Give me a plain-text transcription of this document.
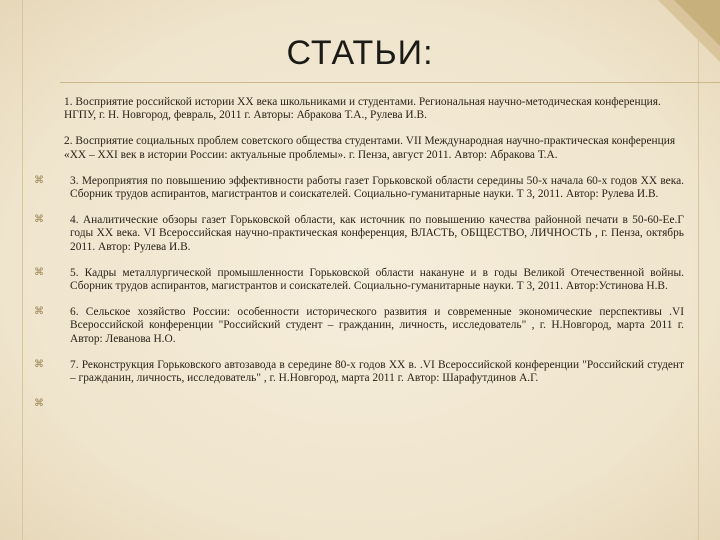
СТАТЬИ:
1. Восприятие российской истории XX века школьниками и студентами. Региональная научно-методическая конференция. НГПУ, г. Н. Новгород, февраль, 2011 г. Авторы: Абракова Т.А., Рулева И.В.
2. Восприятие социальных проблем советского общества студентами. VII Международная научно-практическая конференция «XX – XXI век в истории России: актуальные проблемы». г. Пенза, август 2011. Автор: Абракова Т.А.
⌘	3. Мероприятия по повышению эффективности работы газет Горьковской области середины 50-х начала 60-х годов XX века. Сборник трудов аспирантов, магистрантов и соискателей. Социально-гуманитарные науки. Т 3, 2011. Автор: Рулева И.В.
⌘	4. Аналитические обзоры газет Горьковской области, как источник по повышению качества районной печати в 50-60-Ее.Г годы XX века. VI Всероссийская научно-практическая конференция, ВЛАСТЬ, ОБЩЕСТВО, ЛИЧНОСТЬ , г. Пенза, октябрь 2011. Автор: Рулева И.В.
⌘	5. Кадры металлургической промышленности Горьковской области накануне и в годы Великой Отечественной войны. Сборник трудов аспирантов, магистрантов и соискателей. Социально-гуманитарные науки. Т 3, 2011. Автор:Устинова Н.В.
⌘	6. Сельское хозяйство России: особенности исторического развития и современные экономические перспективы .VI Всероссийской конференции "Российский студент – гражданин, личность, исследователь" , г. Н.Новгород, марта 2011 г. Автор: Леванова Н.О.
⌘	7. Реконструкция Горьковского автозавода в середине 80-х годов XX в. .VI Всероссийской конференции "Российский студент – гражданин, личность, исследователь" , г. Н.Новгород, марта 2011 г. Автор: Шарафутдинов А.Г.
⌘
